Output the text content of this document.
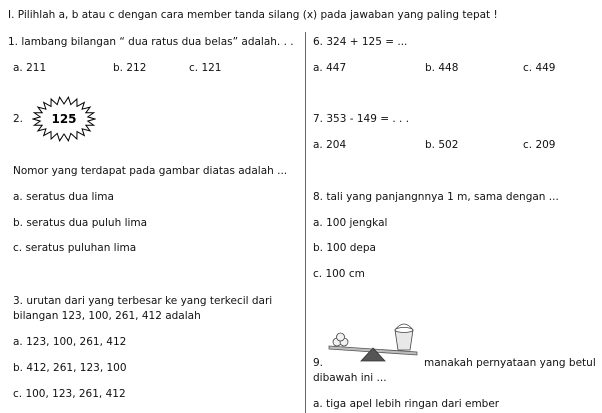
I. Pilihlah a, b atau c dengan cara member tanda silang (x) pada jawaban yang paling tepat !
1. lambang bilangan “ dua ratus dua belas” adalah. . .
a. 211	b. 212	c. 121
2. 125
Nomor yang terdapat pada gambar diatas adalah ...
a. seratus dua lima
b. seratus dua puluh lima
c. seratus puluhan lima
3. urutan dari yang terbesar ke yang terkecil dari
bilangan 123, 100, 261, 412 adalah
a. 123, 100, 261, 412
b. 412, 261, 123, 100
c. 100, 123, 261, 412
6. 324 + 125 = ...
a. 447	b. 448	c. 449
7. 353 - 149 = . . .
a. 204	b. 502	c. 209
8. tali yang panjangnnya 1 m, sama dengan ...
a. 100 jengkal
b. 100 depa
c. 100 cm
9.	manakah pernyataan yang betul
dibawah ini ...
a. tiga apel lebih ringan dari ember
